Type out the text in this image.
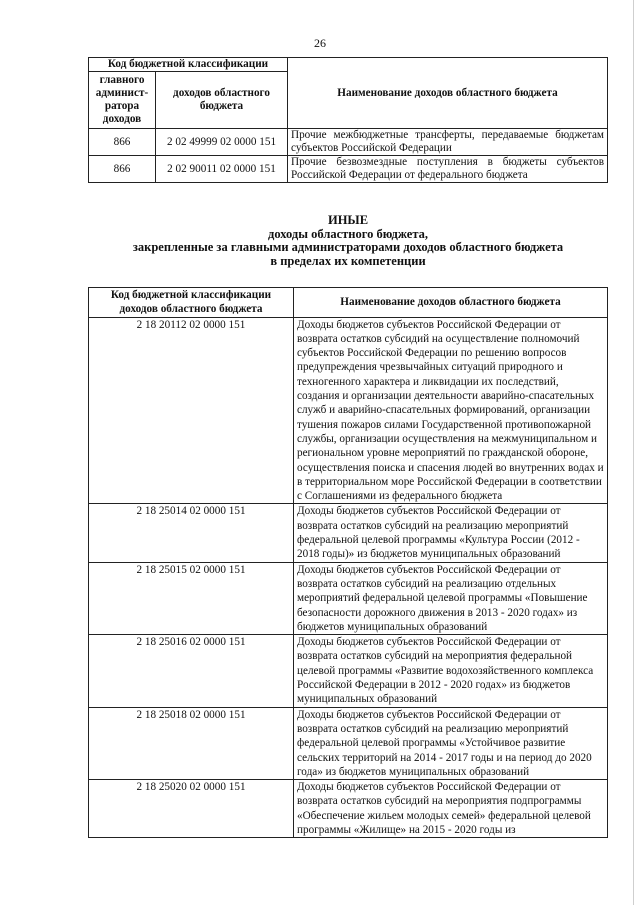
26
Код бюджетной классификации		Наименование доходов областного бюджета
главного админист- ратора доходов	доходов областного бюджета	
866	2 02 49999 02 0000 151	Прочие межбюджетные трансферты, передаваемые бюджетам субъектов Российской Федерации
866	2 02 90011 02 0000 151	Прочие безвозмездные поступления в бюджеты субъектов Российской Федерации от федерального бюджета
ИНЫЕ
доходы областного бюджета,
закрепленные за главными администраторами доходов областного бюджета
в пределах их компетенции
Код бюджетной классификации доходов областного бюджета	Наименование доходов областного бюджета
2 18 20112 02 0000 151	Доходы бюджетов субъектов Российской Федерации от возврата остатков субсидий на осуществление полномочий субъектов Российской Федерации по решению вопросов предупреждения чрезвычайных ситуаций природного и техногенного характера и ликвидации их последствий, создания и организации деятельности аварийно-спасательных служб и аварийно-спасательных формирований, организации тушения пожаров силами Государственной противопожарной службы, организации осуществления на межмуниципальном и региональном уровне мероприятий по гражданской обороне, осуществления поиска и спасения людей во внутренних водах и в территориальном море Российской Федерации в соответствии с Соглашениями из федерального бюджета
2 18 25014 02 0000 151	Доходы бюджетов субъектов Российской Федерации от возврата остатков субсидий на реализацию мероприятий федеральной целевой программы «Культура России (2012 - 2018 годы)» из бюджетов муниципальных образований
2 18 25015 02 0000 151	Доходы бюджетов субъектов Российской Федерации от возврата остатков субсидий на реализацию отдельных мероприятий федеральной целевой программы «Повышение безопасности дорожного движения в 2013 - 2020 годах» из бюджетов муниципальных образований
2 18 25016 02 0000 151	Доходы бюджетов субъектов Российской Федерации от возврата остатков субсидий на мероприятия федеральной целевой программы «Развитие водохозяйственного комплекса Российской Федерации в 2012 - 2020 годах» из бюджетов муниципальных образований
2 18 25018 02 0000 151	Доходы бюджетов субъектов Российской Федерации от возврата остатков субсидий на реализацию мероприятий федеральной целевой программы «Устойчивое развитие сельских территорий на 2014 - 2017 годы и на период до 2020 года» из бюджетов муниципальных образований
2 18 25020 02 0000 151	Доходы бюджетов субъектов Российской Федерации от возврата остатков субсидий на мероприятия подпрограммы «Обеспечение жильем молодых семей» федеральной целевой программы «Жилище» на 2015 - 2020 годы из
